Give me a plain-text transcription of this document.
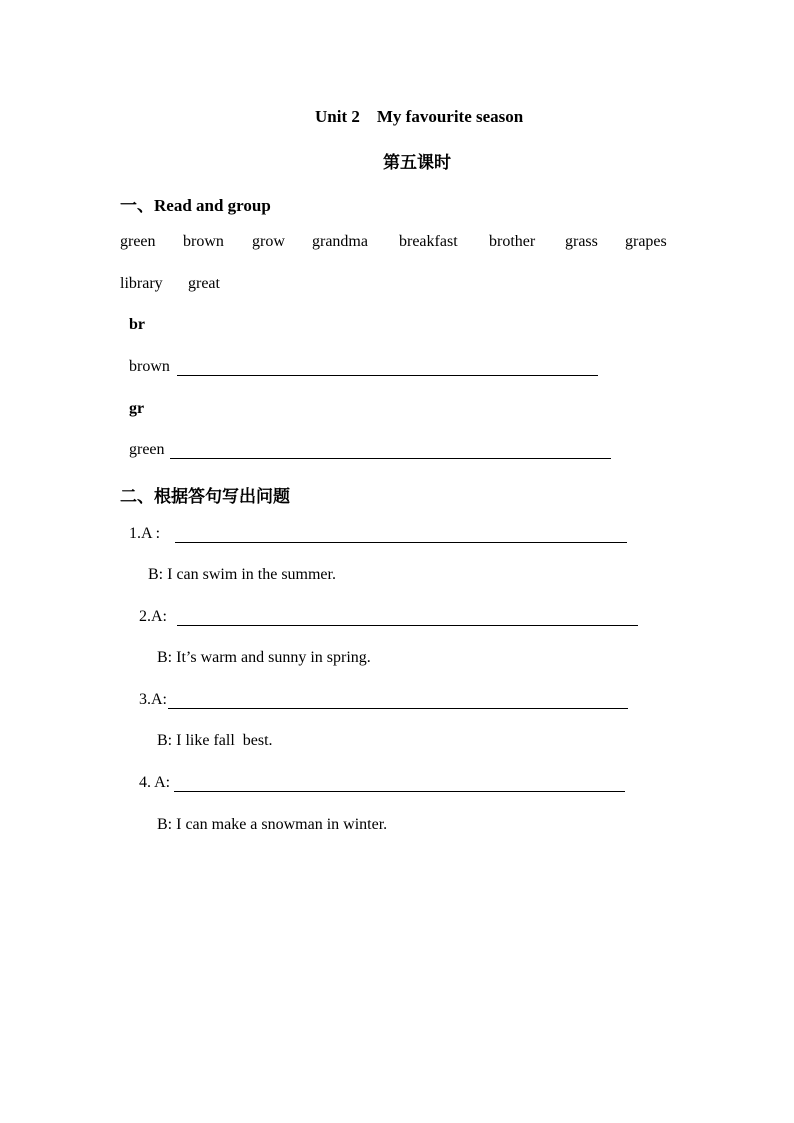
Unit 2    My favourite season
第五课时
一、Read and group
green brown grow grandma breakfast brother grass grapes
library great
br
brown
gr
green
二、根据答句写出问题
1.A :
B: I can swim in the summer.
2.A:
B: It’s warm and sunny in spring.
3.A:
B: I like fall  best.
4. A:
B: I can make a snowman in winter.
